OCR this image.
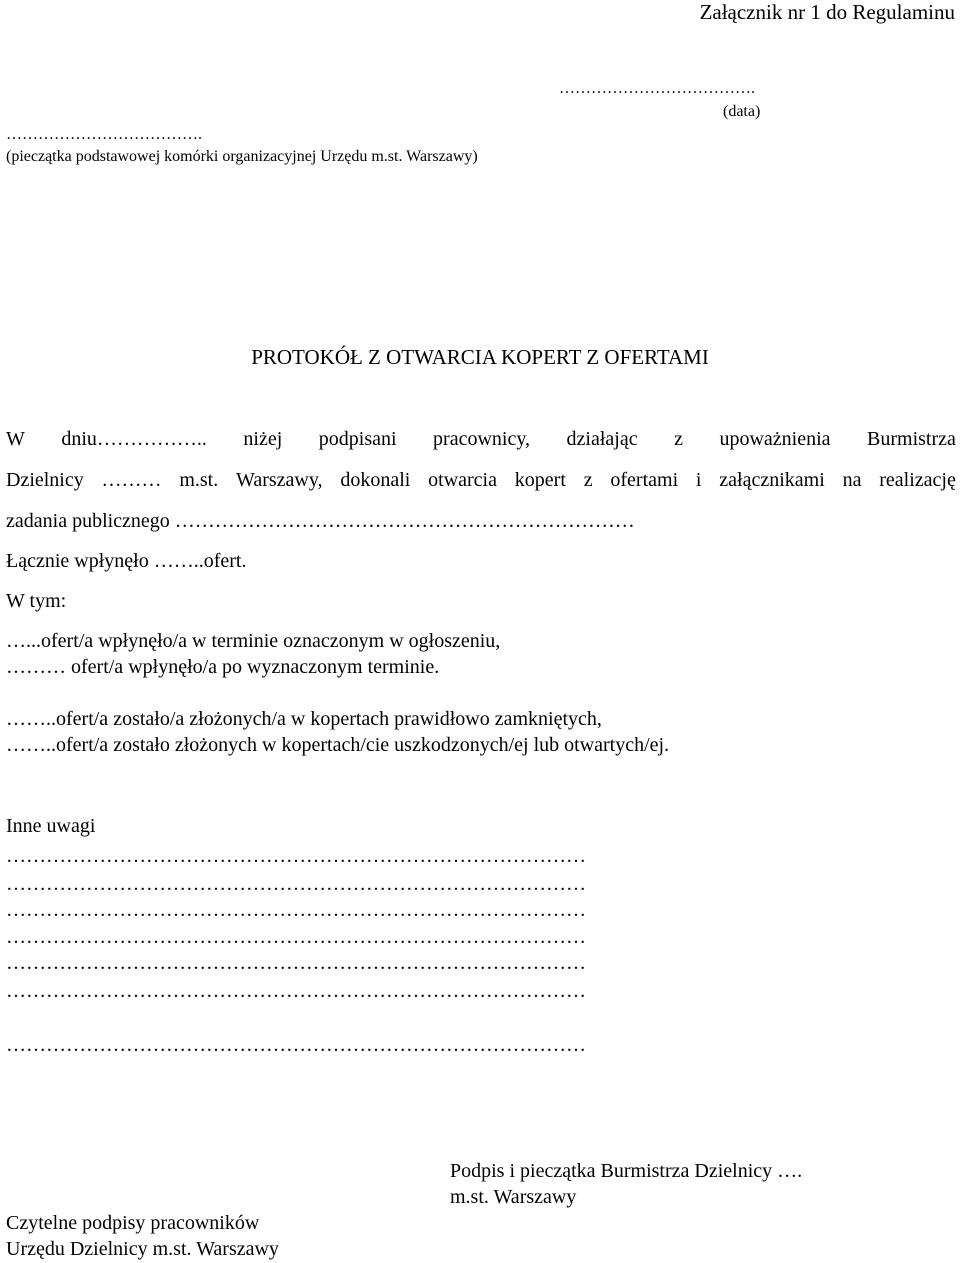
Załącznik nr 1 do Regulaminu
……………………………….
(data)
……………………………….
(pieczątka podstawowej komórki organizacyjnej Urzędu m.st. Warszawy)
PROTOKÓŁ Z OTWARCIA KOPERT Z OFERTAMI
W dniu…………….. niżej podpisani pracownicy, działając z upoważnienia Burmistrza
Dzielnicy ……… m.st. Warszawy, dokonali otwarcia kopert z ofertami i załącznikami na realizację
zadania publicznego ……………………………………………………………
Łącznie wpłynęło ……..ofert.
W tym:
…...ofert/a wpłynęło/a w terminie oznaczonym w ogłoszeniu,
……… ofert/a wpłynęło/a po wyznaczonym terminie.
……..ofert/a zostało/a złożonych/a w kopertach prawidłowo zamkniętych,
……..ofert/a zostało złożonych w kopertach/cie uszkodzonych/ej lub otwartych/ej.
Inne uwagi
……………………………………………………………………………
……………………………………………………………………………
……………………………………………………………………………
……………………………………………………………………………
……………………………………………………………………………
……………………………………………………………………………
……………………………………………………………………………
Podpis i pieczątka Burmistrza Dzielnicy ….
m.st. Warszawy
Czytelne podpisy pracowników
Urzędu Dzielnicy m.st. Warszawy
